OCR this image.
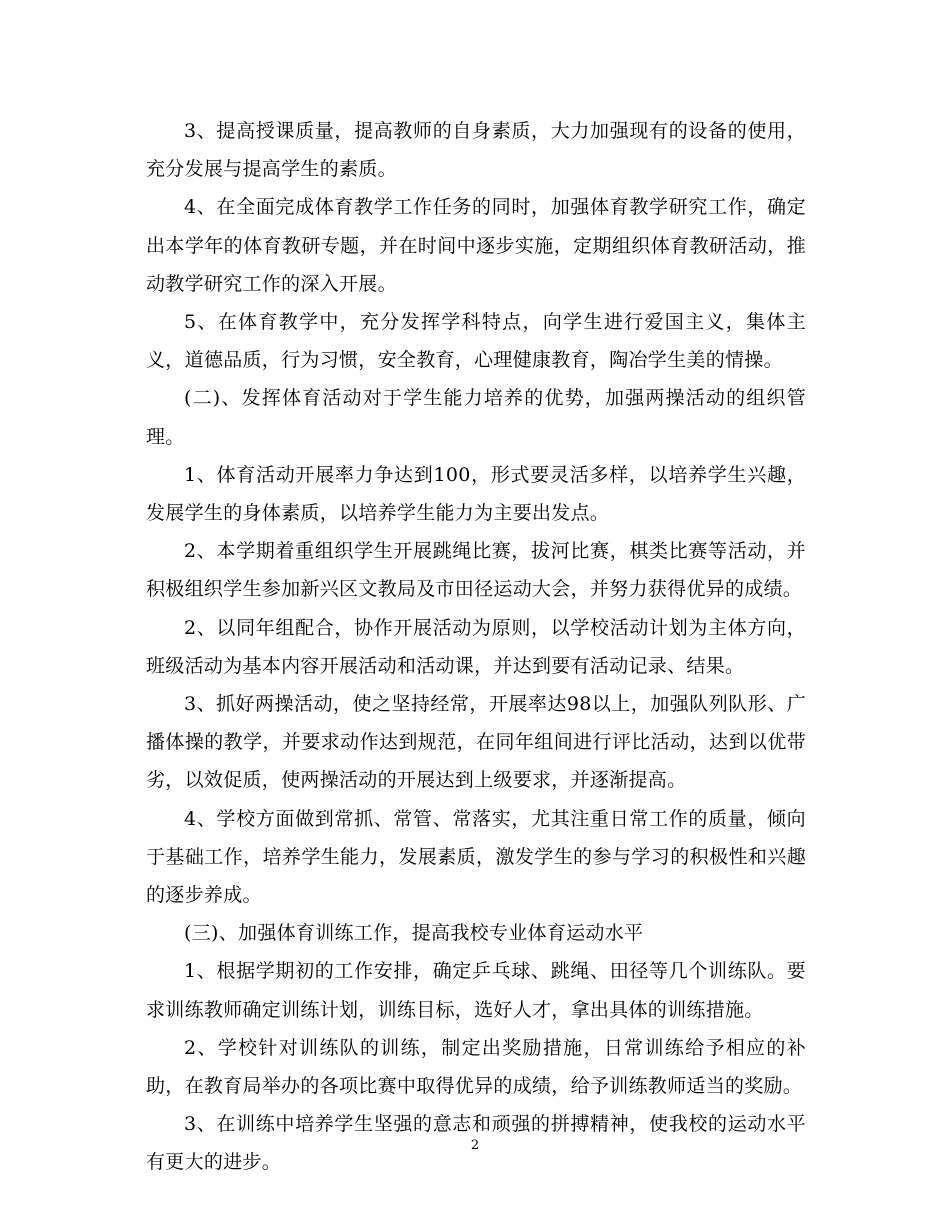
3、提高授课质量，提高教师的自身素质，大力加强现有的设备的使用，充分发展与提高学生的素质。

4、在全面完成体育教学工作任务的同时，加强体育教学研究工作，确定出本学年的体育教研专题，并在时间中逐步实施，定期组织体育教研活动，推动教学研究工作的深入开展。

5、在体育教学中，充分发挥学科特点，向学生进行爱国主义，集体主义，道德品质，行为习惯，安全教育，心理健康教育，陶冶学生美的情操。

(二)、发挥体育活动对于学生能力培养的优势，加强两操活动的组织管理。

1、体育活动开展率力争达到100，形式要灵活多样，以培养学生兴趣，发展学生的身体素质，以培养学生能力为主要出发点。

2、本学期着重组织学生开展跳绳比赛，拔河比赛，棋类比赛等活动，并积极组织学生参加新兴区文教局及市田径运动大会，并努力获得优异的成绩。

2、以同年组配合，协作开展活动为原则，以学校活动计划为主体方向，班级活动为基本内容开展活动和活动课，并达到要有活动记录、结果。

3、抓好两操活动，使之坚持经常，开展率达98以上，加强队列队形、广播体操的教学，并要求动作达到规范，在同年组间进行评比活动，达到以优带劣，以效促质，使两操活动的开展达到上级要求，并逐渐提高。

4、学校方面做到常抓、常管、常落实，尤其注重日常工作的质量，倾向于基础工作，培养学生能力，发展素质，激发学生的参与学习的积极性和兴趣的逐步养成。

(三)、加强体育训练工作，提高我校专业体育运动水平

1、根据学期初的工作安排，确定乒乓球、跳绳、田径等几个训练队。要求训练教师确定训练计划，训练目标，选好人才，拿出具体的训练措施。

2、学校针对训练队的训练，制定出奖励措施，日常训练给予相应的补助，在教育局举办的各项比赛中取得优异的成绩，给予训练教师适当的奖励。

3、在训练中培养学生坚强的意志和顽强的拼搏精神，使我校的运动水平有更大的进步。

2
